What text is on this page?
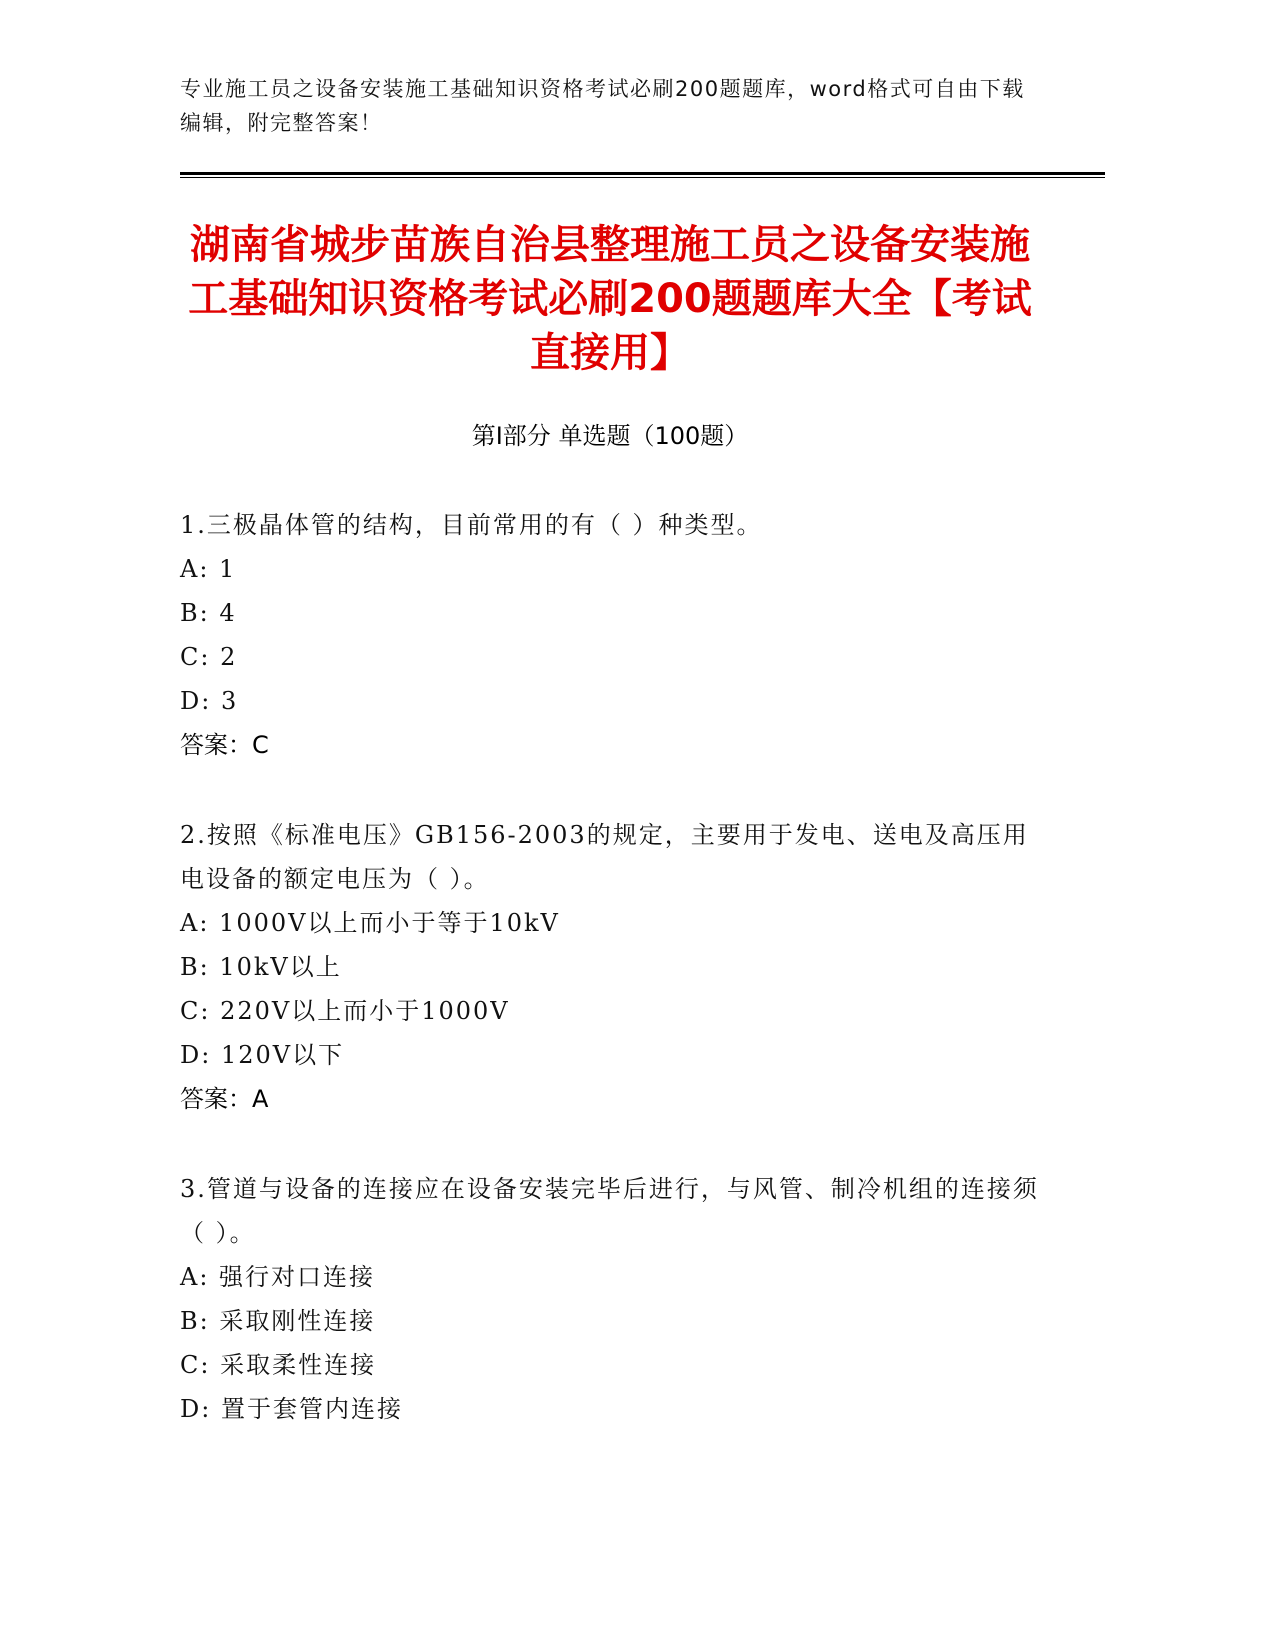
专业施工员之设备安装施工基础知识资格考试必刷200题题库，word格式可自由下载编辑，附完整答案！
湖南省城步苗族自治县整理施工员之设备安装施工基础知识资格考试必刷200题题库大全【考试直接用】
第I部分 单选题（100题）
1.三极晶体管的结构，目前常用的有（ ）种类型。
A: 1
B: 4
C: 2
D: 3
答案：C
2.按照《标准电压》GB156-2003的规定，主要用于发电、送电及高压用电设备的额定电压为（ ）。
A: 1000V以上而小于等于10kV
B: 10kV以上
C: 220V以上而小于1000V
D: 120V以下
答案：A
3.管道与设备的连接应在设备安装完毕后进行，与风管、制冷机组的连接须（ ）。
A: 强行对口连接
B: 采取刚性连接
C: 采取柔性连接
D: 置于套管内连接
